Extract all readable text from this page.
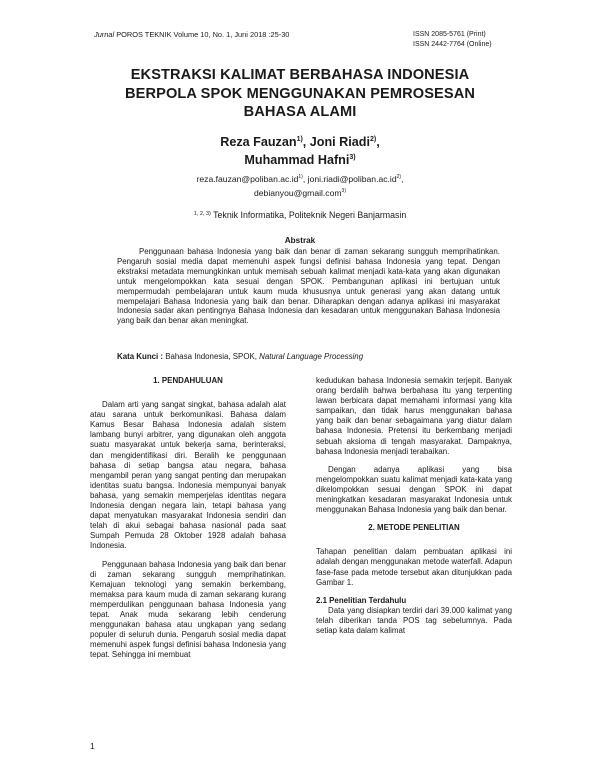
Jurnal POROS TEKNIK Volume 10, No. 1, Juni 2018 :25-30	ISSN 2085-5761 (Print)
ISSN 2442-7764 (Online)
EKSTRAKSI KALIMAT BERBAHASA INDONESIA
BERPOLA SPOK MENGGUNAKAN PEMROSESAN
BAHASA ALAMI
Reza Fauzan$^{1)}$, Joni Riadi$^{2)}$,
Muhammad Hafni$^{3)}$
$reza.fauzan@poliban.ac.id^{1)}$, $joni.riadi@poliban.ac.id^{2)}$,
debianyou@gmail.com$^{3)}$
$^{1, 2, 3)}$ Teknik Informatika, Politeknik Negeri Banjarmasin
Abstrak
Penggunaan bahasa Indonesia yang baik dan benar di zaman sekarang sungguh memprihatinkan. Pengaruh sosial media dapat memenuhi aspek fungsi definisi bahasa Indonesia yang tepat. Dengan ekstraksi metadata memungkinkan untuk memisah sebuah kalimat menjadi kata-kata yang akan digunakan untuk mengelompokkan kata sesuai dengan SPOK. Pembangunan aplikasi ini bertujuan untuk mempermudah pembelajaran untuk kaum muda khususnya untuk generasi yang akan datang untuk mempelajari Bahasa Indonesia yang baik dan benar. Diharapkan dengan adanya aplikasi ini masyarakat Indonesia sadar akan pentingnya Bahasa Indonesia dan kesadaran untuk menggunakan Bahasa Indonesia yang baik dan benar akan meningkat.
Kata Kunci : Bahasa Indonesia, SPOK, Natural Language Processing
1. PENDAHULUAN

Dalam arti yang sangat singkat, bahasa adalah alat atau sarana untuk berkomunikasi. Bahasa dalam Kamus Besar Bahasa Indonesia adalah sistem lambang bunyi arbitrer, yang digunakan oleh anggota suatu masyarakat untuk bekerja sama, berinteraksi, dan mengidentifikasi diri. Beralih ke penggunaan bahasa di setiap bangsa atau negara, bahasa mengambil peran yang sangat penting dan merupakan identitas suatu bangsa. Indonesia mempunyai banyak bahasa, yang semakin memperjelas identitas negara Indonesia dengan negara lain, tetapi bahasa yang dapat menyatukan masyarakat Indonesia sendiri dan telah di akui sebagai bahasa nasional pada saat Sumpah Pemuda 28 Oktober 1928 adalah bahasa Indonesia.

Penggunaan bahasa Indonesia yang baik dan benar di zaman sekarang sungguh memprihatinkan. Kemajuan teknologi yang semakin berkembang, memaksa para kaum muda di zaman sekarang kurang memperdulikan penggunaan bahasa Indonesia yang tepat. Anak muda sekarang lebih cenderung menggunakan bahasa atau ungkapan yang sedang populer di seluruh dunia. Pengaruh sosial media dapat memenuhi aspek fungsi definisi bahasa Indonesia yang tepat. Sehingga ini membuat

kedudukan bahasa Indonesia semakin terjepit. Banyak orang berdalih bahwa berbahasa itu yang terpenting lawan berbicara dapat memahami informasi yang kita sampaikan, dan tidak harus menggunakan bahasa yang baik dan benar sebagaimana yang diatur dalam bahasa Indonesia. Pretensi itu berkembang menjadi sebuah aksioma di tengah masyarakat. Dampaknya, bahasa Indonesia menjadi terabaikan.

Dengan adanya aplikasi yang bisa mengelompokkan suatu kalimat menjadi kata-kata yang dikelompokkan sesuai dengan SPOK ini dapat meningkatkan kesadaran masyarakat Indonesia untuk menggunakan Bahasa Indonesia yang baik dan benar.

2. METODE PENELITIAN

Tahapan penelitian dalam pembuatan aplikasi ini adalah dengan menggunakan metode waterfall. Adapun fase-fase pada metode tersebut akan ditunjukkan pada Gambar 1.

2.1 Penelitian Terdahulu

Data yang disiapkan terdiri dari 39.000 kalimat yang telah diberikan tanda POS tag sebelumnya. Pada setiap kata dalam kalimat

1
